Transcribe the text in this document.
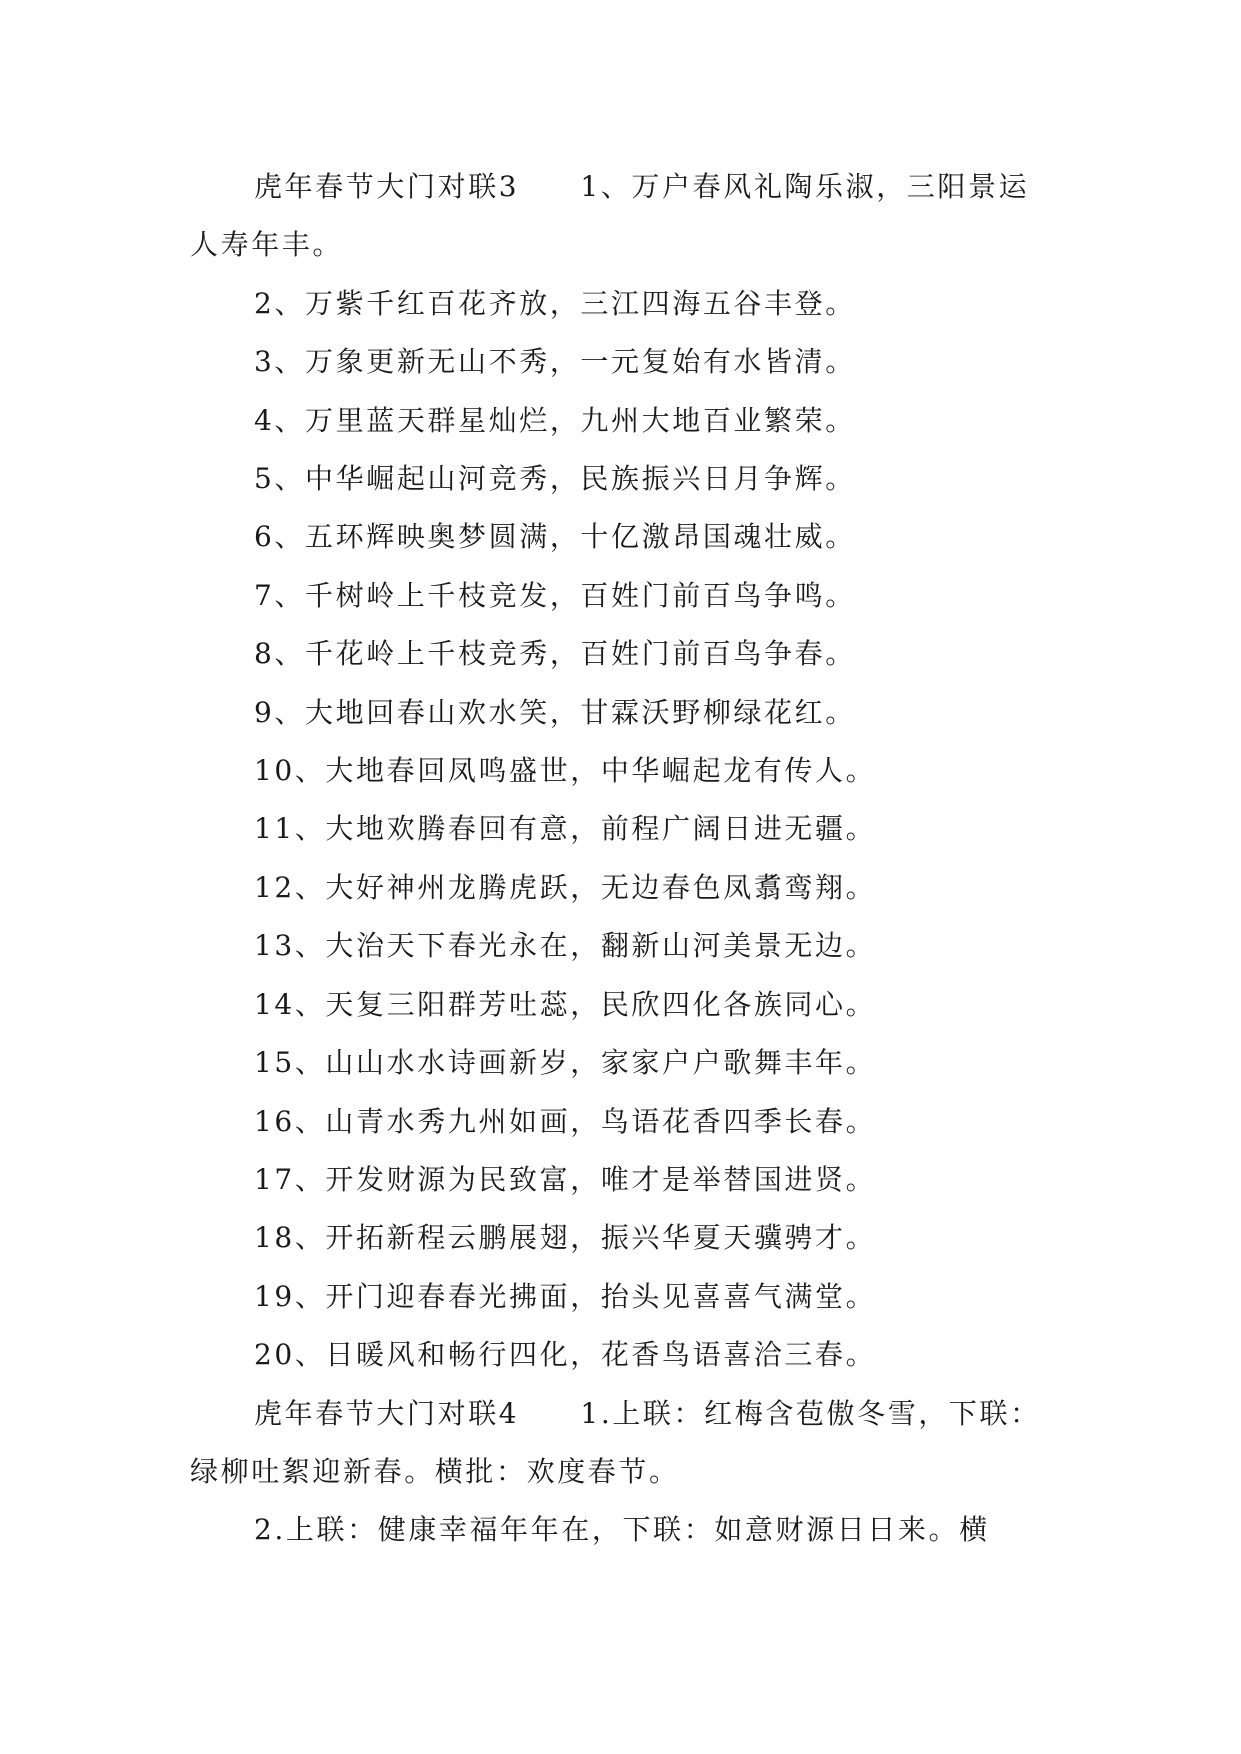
虎年春节大门对联3　　1、万户春风礼陶乐淑，三阳景运人寿年丰。

2、万紫千红百花齐放，三江四海五谷丰登。

3、万象更新无山不秀，一元复始有水皆清。

4、万里蓝天群星灿烂，九州大地百业繁荣。

5、中华崛起山河竞秀，民族振兴日月争辉。

6、五环辉映奥梦圆满，十亿激昂国魂壮威。

7、千树岭上千枝竞发，百姓门前百鸟争鸣。

8、千花岭上千枝竞秀，百姓门前百鸟争春。

9、大地回春山欢水笑，甘霖沃野柳绿花红。

10、大地春回凤鸣盛世，中华崛起龙有传人。

11、大地欢腾春回有意，前程广阔日进无疆。

12、大好神州龙腾虎跃，无边春色凤翥鸾翔。

13、大治天下春光永在，翻新山河美景无边。

14、天复三阳群芳吐蕊，民欣四化各族同心。

15、山山水水诗画新岁，家家户户歌舞丰年。

16、山青水秀九州如画，鸟语花香四季长春。

17、开发财源为民致富，唯才是举替国进贤。

18、开拓新程云鹏展翅，振兴华夏天骥骋才。

19、开门迎春春光拂面，抬头见喜喜气满堂。

20、日暖风和畅行四化，花香鸟语喜洽三春。

虎年春节大门对联4　　1.上联：红梅含苞傲冬雪，下联：绿柳吐絮迎新春。横批：欢度春节。

2.上联：健康幸福年年在，下联：如意财源日日来。横
